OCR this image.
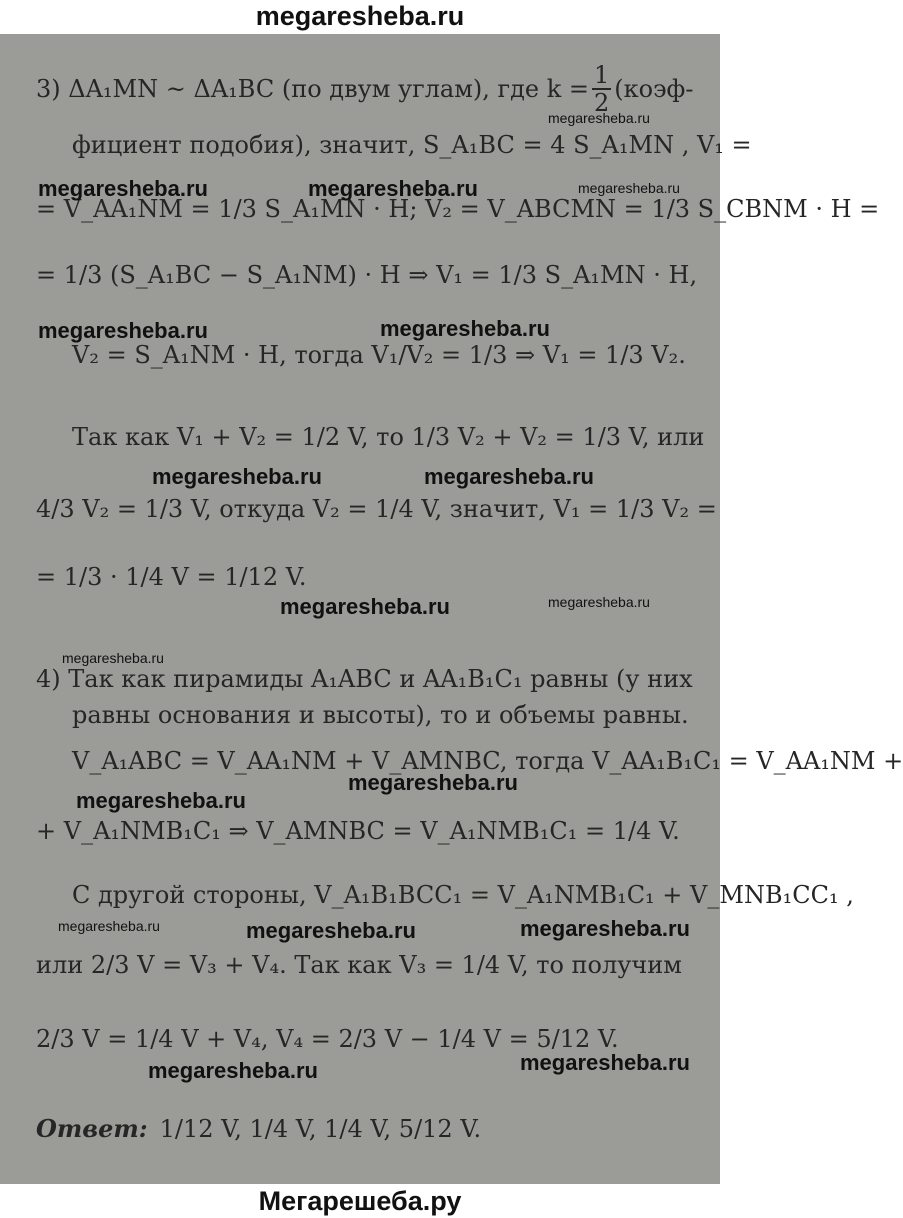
megaresheba.ru
3) ΔA₁MN ~ ΔA₁BC (по двум углам), где $k = \frac{1}{2}$ (коэф-
фициент подобия), значит, S_A₁BC = 4 S_A₁MN , V₁ =
= V_AA₁NM = 1/3 S_A₁MN · H; V₂ = V_ABCMN = 1/3 S_CBNM · H =
= 1/3 (S_A₁BC − S_A₁NM) · H ⇒ V₁ = 1/3 S_A₁MN · H,
V₂ = S_A₁NM · H, тогда V₁/V₂ = 1/3 ⇒ V₁ = 1/3 V₂.
Так как V₁ + V₂ = 1/2 V, то 1/3 V₂ + V₂ = 1/3 V, или
4/3 V₂ = 1/3 V, откуда V₂ = 1/4 V, значит, V₁ = 1/3 V₂ =
= 1/3 · 1/4 V = 1/12 V.
4) Так как пирамиды A₁ABC и AA₁B₁C₁ равны (у них
равны основания и высоты), то и объемы равны.
V_A₁ABC = V_AA₁NM + V_AMNBC, тогда V_AA₁B₁C₁ = V_AA₁NM +
+ V_A₁NMB₁C₁ ⇒ V_AMNBC = V_A₁NMB₁C₁ = 1/4 V.
С другой стороны, V_A₁B₁BCC₁ = V_A₁NMB₁C₁ + V_MNB₁CC₁ ,
или 2/3 V = V₃ + V₄. Так как V₃ = 1/4 V, то получим
2/3 V = 1/4 V + V₄, V₄ = 2/3 V − 1/4 V = 5/12 V.
Ответ: 1/12 V, 1/4 V, 1/4 V, 5/12 V.
megaresheba.ru
megaresheba.ru	megaresheba.ru	megaresheba.ru
megaresheba.ru	megaresheba.ru
megaresheba.ru	megaresheba.ru
megaresheba.ru	megaresheba.ru
megaresheba.ru
megaresheba.ru
megaresheba.ru
megaresheba.ru	megaresheba.ru	megaresheba.ru
megaresheba.ru	megaresheba.ru
Мегарешеба.ру
